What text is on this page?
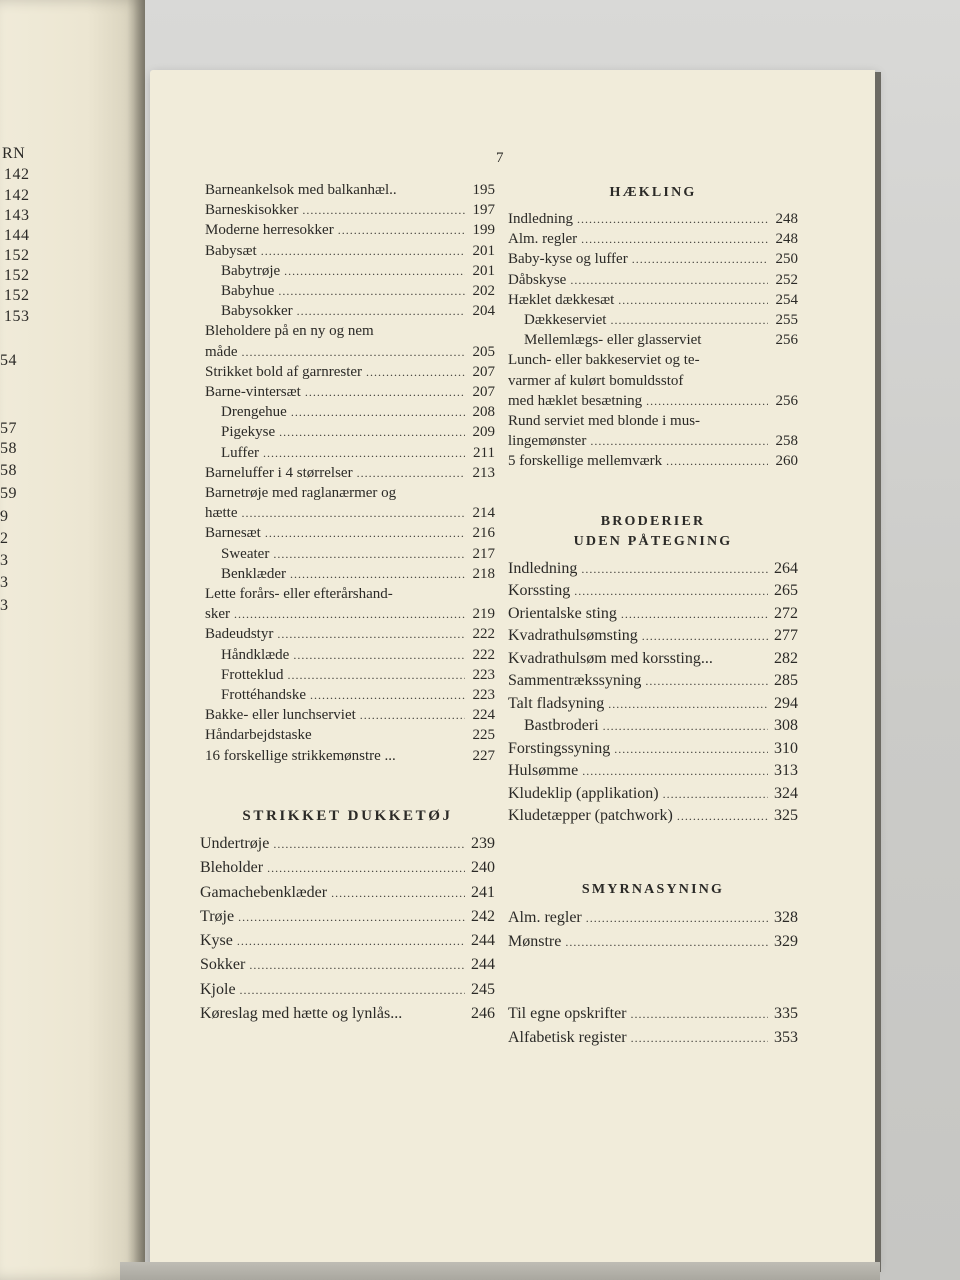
RN
142
142
143
144
152
152
152
153
54
57
58
58
59
9
2
3
3
3
7
Barneankelsok med balkanhæl..	195
Barneskisokker .....	197
Moderne herresokker .....	199
Babysæt .....	201
Babytrøje .....	201
Babyhue .....	202
Babysokker .....	204
Bleholdere på en ny og nem
måde .....	205
Strikket bold af garnrester .....	207
Barne-vintersæt .....	207
Drengehue .....	208
Pigekyse .....	209
Luffer .....	211
Barneluffer i 4 størrelser .....	213
Barnetrøje med raglanærmer og
hætte .....	214
Barnesæt .....	216
Sweater .....	217
Benklæder .....	218
Lette forårs- eller efterårshand-
sker .....	219
Badeudstyr .....	222
Håndklæde .....	222
Frotteklud .....	223
Frottéhandske .....	223
Bakke- eller lunchserviet .....	224
Håndarbejdstaske	225
16 forskellige strikkemønstre ...	227
STRIKKET DUKKETØJ
Undertrøje .....	239
Bleholder .....	240
Gamachebenklæder .....	241
Trøje .....	242
Kyse .....	244
Sokker .....	244
Kjole .....	245
Køreslag med hætte og lynlås...	246
HÆKLING
Indledning .....	248
Alm. regler .....	248
Baby-kyse og luffer .....	250
Dåbskyse .....	252
Hæklet dækkesæt .....	254
Dækkeserviet .....	255
Mellemlægs- eller glasserviet	256
Lunch- eller bakkeserviet og te-
varmer af kulørt bomuldsstof
med hæklet besætning .....	256
Rund serviet med blonde i mus-
lingemønster .....	258
5 forskellige mellemværk .....	260
BRODERIER
UDEN PÅTEGNING
Indledning .....	264
Korssting .....	265
Orientalske sting .....	272
Kvadrathulsømsting .....	277
Kvadrathulsøm med korssting...	282
Sammentrækssyning .....	285
Talt fladsyning .....	294
Bastbroderi .....	308
Forstingssyning .....	310
Hulsømme .....	313
Kludeklip (applikation) .....	324
Kludetæpper (patchwork) .....	325
SMYRNASYNING
Alm. regler .....	328
Mønstre .....	329
Til egne opskrifter .....	335
Alfabetisk register .....	353
